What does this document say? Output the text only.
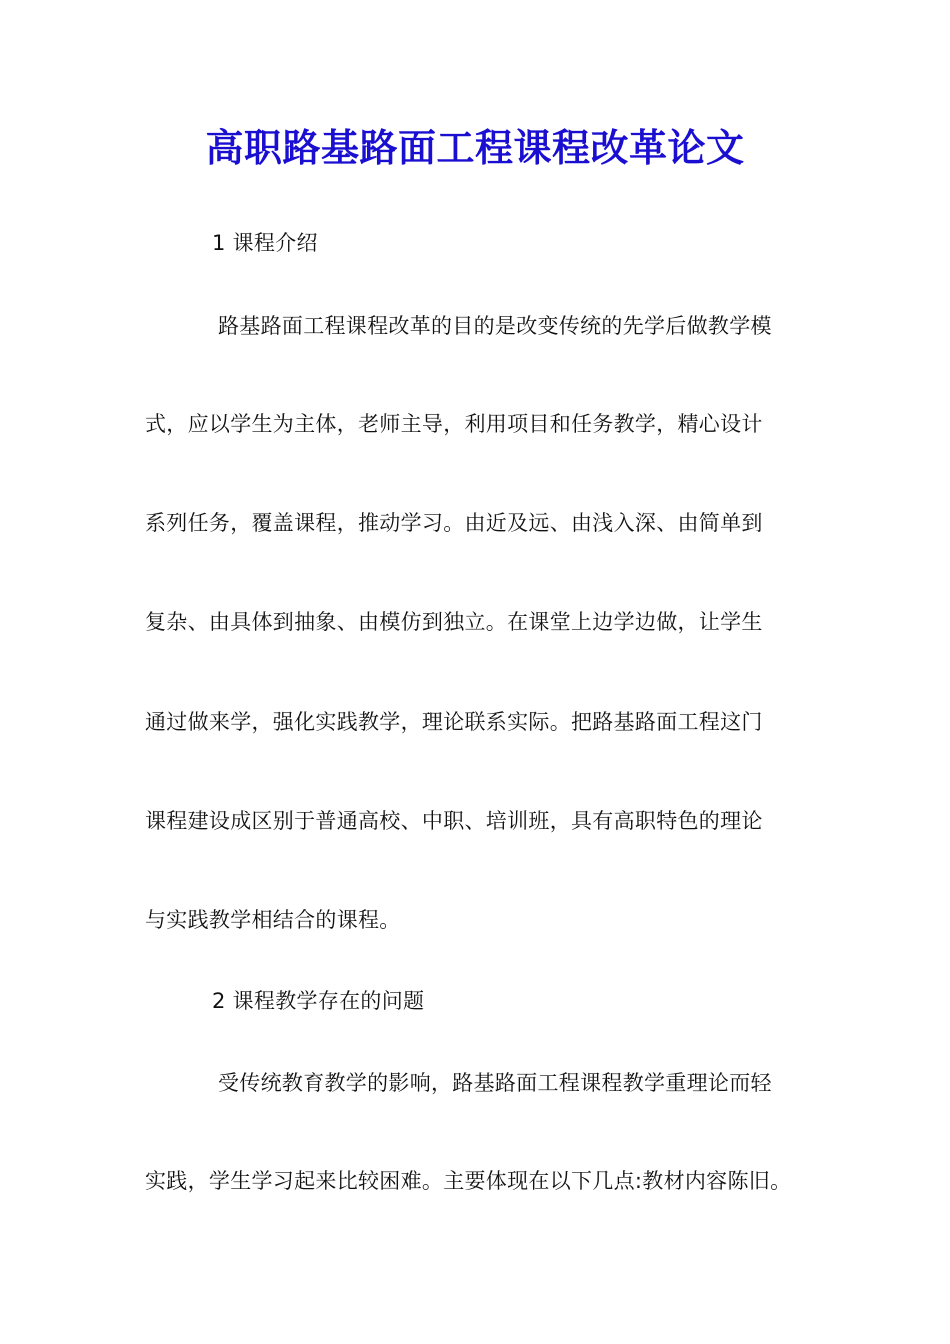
高职路基路面工程课程改革论文
1 课程介绍
路基路面工程课程改革的目的是改变传统的先学后做教学模
式，应以学生为主体，老师主导，利用项目和任务教学，精心设计
系列任务，覆盖课程，推动学习。由近及远、由浅入深、由简单到
复杂、由具体到抽象、由模仿到独立。在课堂上边学边做，让学生
通过做来学，强化实践教学，理论联系实际。把路基路面工程这门
课程建设成区别于普通高校、中职、培训班，具有高职特色的理论
与实践教学相结合的课程。
2 课程教学存在的问题
受传统教育教学的影响，路基路面工程课程教学重理论而轻
实践，学生学习起来比较困难。主要体现在以下几点:教材内容陈旧。
